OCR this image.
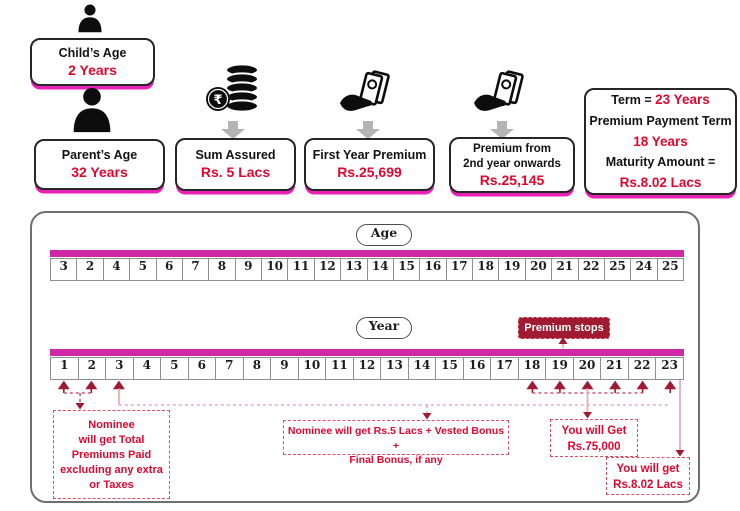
Child’s Age
2 Years
Parent’s Age
32 Years
₹
Sum Assured
Rs. 5 Lacs
First Year Premium
Rs.25,699
Premium from
2nd year onwards
Rs.25,145
Term = 23 Years
Premium Payment Term
18 Years
Maturity Amount =
Rs.8.02 Lacs
Age
3	2	4	5	6	7	8	9	10 11 12 13 14 15 16 17 18 19 20 21 22 25 24 25
Year	Premium stops
1	2	3	4	5	6	7	8	9	10 11 12 13 14 15 16 17 18 19 20 21 22 23
Nominee
will get Total
Premiums Paid
excluding any extra
or Taxes
Nominee will get Rs.5 Lacs + Vested Bonus +
Final Bonus, if any
You will Get
Rs.75,000
You will get
Rs.8.02 Lacs
